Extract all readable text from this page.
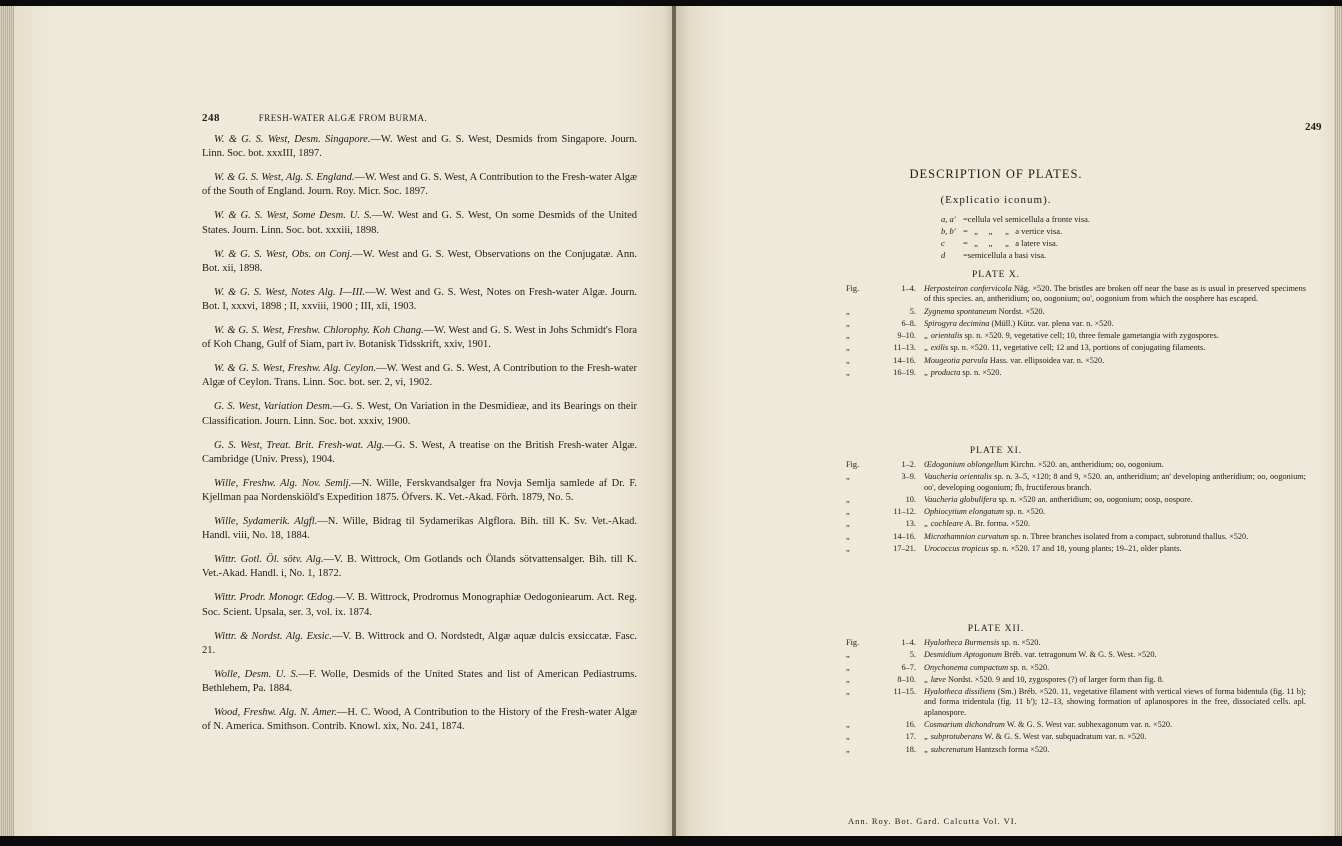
248	FRESH-WATER ALGÆ FROM BURMA.

W. & G. S. West, Desm. Singapore.—W. West and G. S. West, Desmids from Singapore. Journ. Linn. Soc. bot. xxxIII, 1897.

W. & G. S. West, Alg. S. England.—W. West and G. S. West, A Contribution to the Fresh-water Algæ of the South of England. Journ. Roy. Micr. Soc. 1897.

W. & G. S. West, Some Desm. U. S.—W. West and G. S. West, On some Desmids of the United States. Journ. Linn. Soc. bot. xxxiii, 1898.

W. & G. S. West, Obs. on Conj.—W. West and G. S. West, Observations on the Conjugatæ. Ann. Bot. xii, 1898.

W. & G. S. West, Notes Alg. I—III.—W. West and G. S. West, Notes on Fresh-water Algæ. Journ. Bot. I, xxxvi, 1898 ; II, xxviii, 1900 ; III, xli, 1903.

W. & G. S. West, Freshw. Chlorophy. Koh Chang.—W. West and G. S. West in Johs Schmidt's Flora of Koh Chang, Gulf of Siam, part iv. Botanisk Tidsskrift, xxiv, 1901.

W. & G. S. West, Freshw. Alg. Ceylon.—W. West and G. S. West, A Contribution to the Fresh-water Algæ of Ceylon. Trans. Linn. Soc. bot. ser. 2, vi, 1902.

G. S. West, Variation Desm.—G. S. West, On Variation in the Desmidieæ, and its Bearings on their Classification. Journ. Linn. Soc. bot. xxxiv, 1900.

G. S. West, Treat. Brit. Fresh-wat. Alg.—G. S. West, A treatise on the British Fresh-water Algæ. Cambridge (Univ. Press), 1904.

Wille, Freshw. Alg. Nov. Semlj.—N. Wille, Ferskvandsalger fra Novja Semlja samlede af Dr. F. Kjellman paa Nordenskiöld's Expedition 1875. Öfvers. K. Vet.-Akad. Förh. 1879, No. 5.

Wille, Sydamerik. Algfl.—N. Wille, Bidrag til Sydamerikas Algflora. Bih. till K. Sv. Vet.-Akad. Handl. viii, No. 18, 1884.

Wittr. Gotl. Öl. sötv. Alg.—V. B. Wittrock, Om Gotlands och Ölands sötvattensalger. Bih. till K. Vet.-Akad. Handl. i, No. 1, 1872.

Wittr. Prodr. Monogr. Œdog.—V. B. Wittrock, Prodromus Monographiæ Oedogoniearum. Act. Reg. Soc. Scient. Upsala, ser. 3, vol. ix. 1874.

Wittr. & Nordst. Alg. Exsic.—V. B. Wittrock and O. Nordstedt, Algæ aquæ dulcis exsiccatæ. Fasc. 21.

Wolle, Desm. U. S.—F. Wolle, Desmids of the United States and list of American Pediastrums. Bethlehem, Pa. 1884.

Wood, Freshw. Alg. N. Amer.—H. C. Wood, A Contribution to the History of the Fresh-water Algæ of N. America. Smithson. Contrib. Knowl. xix, No. 241, 1874.

249
DESCRIPTION OF PLATES.
(Explicatio iconum).
a, a' =cellula vel semicellula a fronte visa.
b, b' =   „     „      „   a vertice visa.
c	=   „     „      „   a latere visa.
d	=semicellula a basi visa.
PLATE X.
Fig.	1–4. Herposteiron confervicola Näg. ×520. The bristles are broken off near the base as is usual in preserved specimens of this species. an, antheridium; oo, oogonium; oo', oogonium from which the oosphere has escaped.
„	5. Zygnema spontaneum Nordst. ×520.
„	6–8. Spirogyra decimina (Müll.) Kütz. var. plena var. n. ×520.
„	9–10. „ orientalis sp. n. ×520. 9, vegetative cell; 10, three female gametangia with zygospores.
„	11–13. „ exilis sp. n. ×520. 11, vegetative cell; 12 and 13, portions of conjugating filaments.
„	14–16. Mougeotia parvula Hass. var. ellipsoidea var. n. ×520.
„	16–19. „ producta sp. n. ×520.
PLATE XI.
Fig.	1–2. Œdogonium oblongellum Kirchn. ×520. an, antheridium; oo, oogonium.
„	3–9. Vaucheria orientalis sp. n. 3–5, ×120; 8 and 9, ×520. an, antheridium; an' developing antheridium; oo, oogonium; oo', developing oogonium; fb, fructiferous branch.
„	10. Vaucheria globulifera sp. n. ×520 an. antheridium; oo, oogonium; oosp, oospore.
„	11–12. Ophiocytium elongatum sp. n. ×520.
„	13. „ cochleare A. Br. forma. ×520.
„	14–16. Microthamnion curvatum sp. n. Three branches isolated from a compact, subrotund thallus. ×520.
„	17–21. Urococcus tropicus sp. n. ×520. 17 and 18, young plants; 19–21, older plants.
PLATE XII.
Fig.	1–4. Hyalotheca Burmensis sp. n. ×520.
„	5. Desmidium Aptogonum Bréb. var. tetragonum W. & G. S. West. ×520.
„	6–7. Onychonema compactum sp. n. ×520.
„	8–10. „ læve Nordst. ×520. 9 and 10, zygospores (?) of larger form than fig. 8.
„	11–15. Hyalotheca dissiliens (Sm.) Bréb. ×520. 11, vegetative filament with vertical views of forma bidentula (fig. 11 b); and forma tridentula (fig. 11 b'); 12–13, showing formation of aplanospores in the free, dissociated cells. apl. aplanospore.
„	16. Cosmarium dichondrum W. & G. S. West var. subhexagonum var. n. ×520.
„	17. „ subprotuberans W. & G. S. West var. subquadratum var. n. ×520.
„	18. „ subcrenatum Hantzsch forma ×520.
Ann. Roy. Bot. Gard. Calcutta Vol. VI.
